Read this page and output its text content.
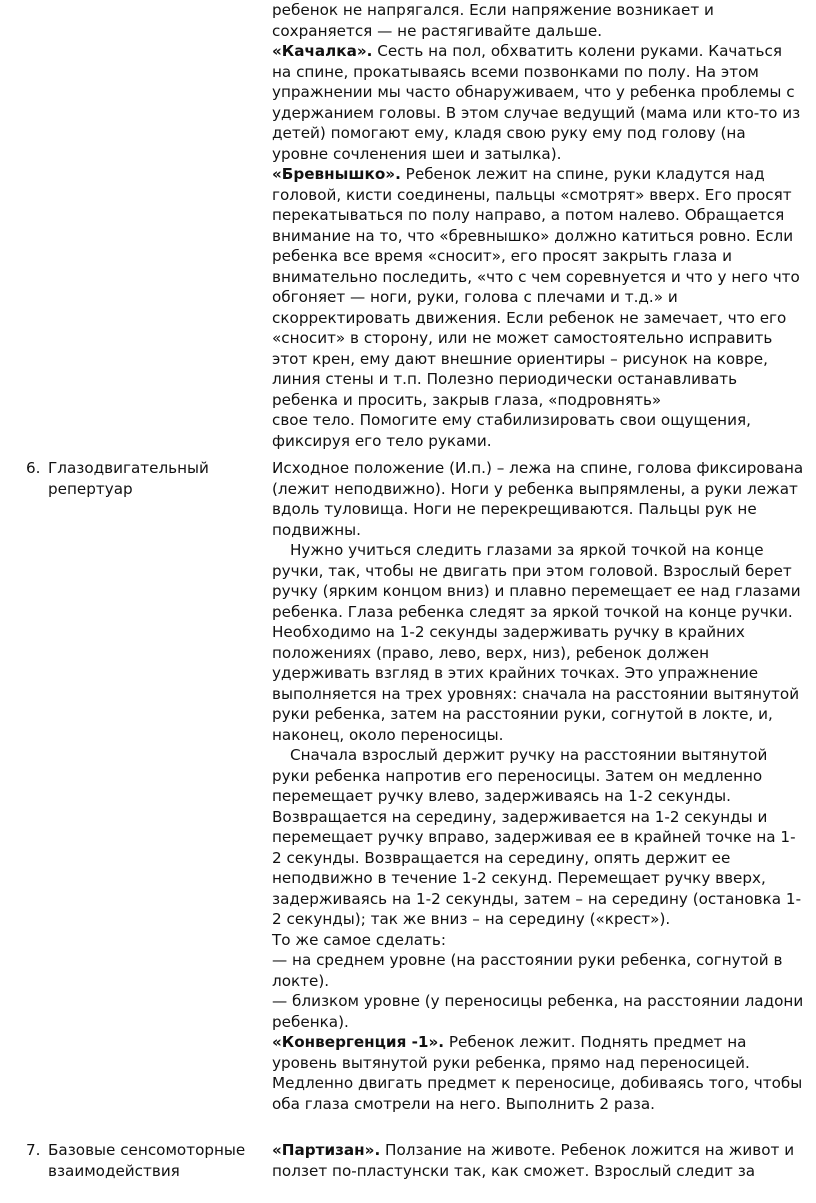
ребенок не напрягался. Если напряжение возникает и сохраняется — не растягивайте дальше.

«Качалка». Сесть на пол, обхватить колени руками. Качаться на спине, прокатываясь всеми позвонками по полу. На этом упражнении мы часто обнаруживаем, что у ребенка проблемы с удержанием головы. В этом случае ведущий (мама или кто-то из детей) помогают ему, кладя свою руку ему под голову (на уровне сочленения шеи и затылка).

«Бревнышко». Ребенок лежит на спине, руки кладутся над головой, кисти соединены, пальцы «смотрят» вверх. Его просят перекатываться по полу направо, а потом налево. Обращается внимание на то, что «бревнышко» должно катиться ровно. Если ребенка все время «сносит», его просят закрыть глаза и внимательно последить, «что с чем соревнуется и что у него что обгоняет — ноги, руки, голова с плечами и т.д.» и скорректировать движения. Если ребенок не замечает, что его «сносит» в сторону, или не может самостоятельно исправить этот крен, ему дают внешние ориентиры – рисунок на ковре, линия стены и т.п. Полезно периодически останавливать ребенка и просить, закрыв глаза, «подровнять»

свое тело. Помогите ему стабилизировать свои ощущения, фиксируя его тело руками.

6. Глазодвигательный репертуар

Исходное положение (И.п.) – лежа на спине, голова фиксирована (лежит неподвижно). Ноги у ребенка выпрямлены, а руки лежат вдоль туловища. Ноги не перекрещиваются. Пальцы рук не подвижны.

Нужно учиться следить глазами за яркой точкой на конце ручки, так, чтобы не двигать при этом головой. Взрослый берет ручку (ярким концом вниз) и плавно перемещает ее над глазами ребенка. Глаза ребенка следят за яркой точкой на конце ручки. Необходимо на 1-2 секунды задерживать ручку в крайних положениях (право, лево, верх, низ), ребенок должен удерживать взгляд в этих крайних точках. Это упражнение выполняется на трех уровнях: сначала на расстоянии вытянутой руки ребенка, затем на расстоянии руки, согнутой в локте, и, наконец, около переносицы.

Сначала взрослый держит ручку на расстоянии вытянутой руки ребенка напротив его переносицы. Затем он медленно перемещает ручку влево, задерживаясь на 1-2 секунды. Возвращается на середину, задерживается на 1-2 секунды и перемещает ручку вправо, задерживая ее в крайней точке на 1-2 секунды. Возвращается на середину, опять держит ее неподвижно в течение 1-2 секунд. Перемещает ручку вверх, задерживаясь на 1-2 секунды, затем – на середину (остановка 1-2 секунды); так же вниз – на середину («крест»).

То же самое сделать:

— на среднем уровне (на расстоянии руки ребенка, согнутой в локте).

— близком уровне (у переносицы ребенка, на расстоянии ладони ребенка).

«Конвергенция -1». Ребенок лежит. Поднять предмет на уровень вытянутой руки ребенка, прямо над переносицей. Медленно двигать предмет к переносице, добиваясь того, чтобы оба глаза смотрели на него. Выполнить 2 раза.

7. Базовые сенсомоторные взаимодействия

«Партизан». Ползание на животе. Ребенок ложится на живот и ползет по-пластунски так, как сможет. Взрослый следит за
